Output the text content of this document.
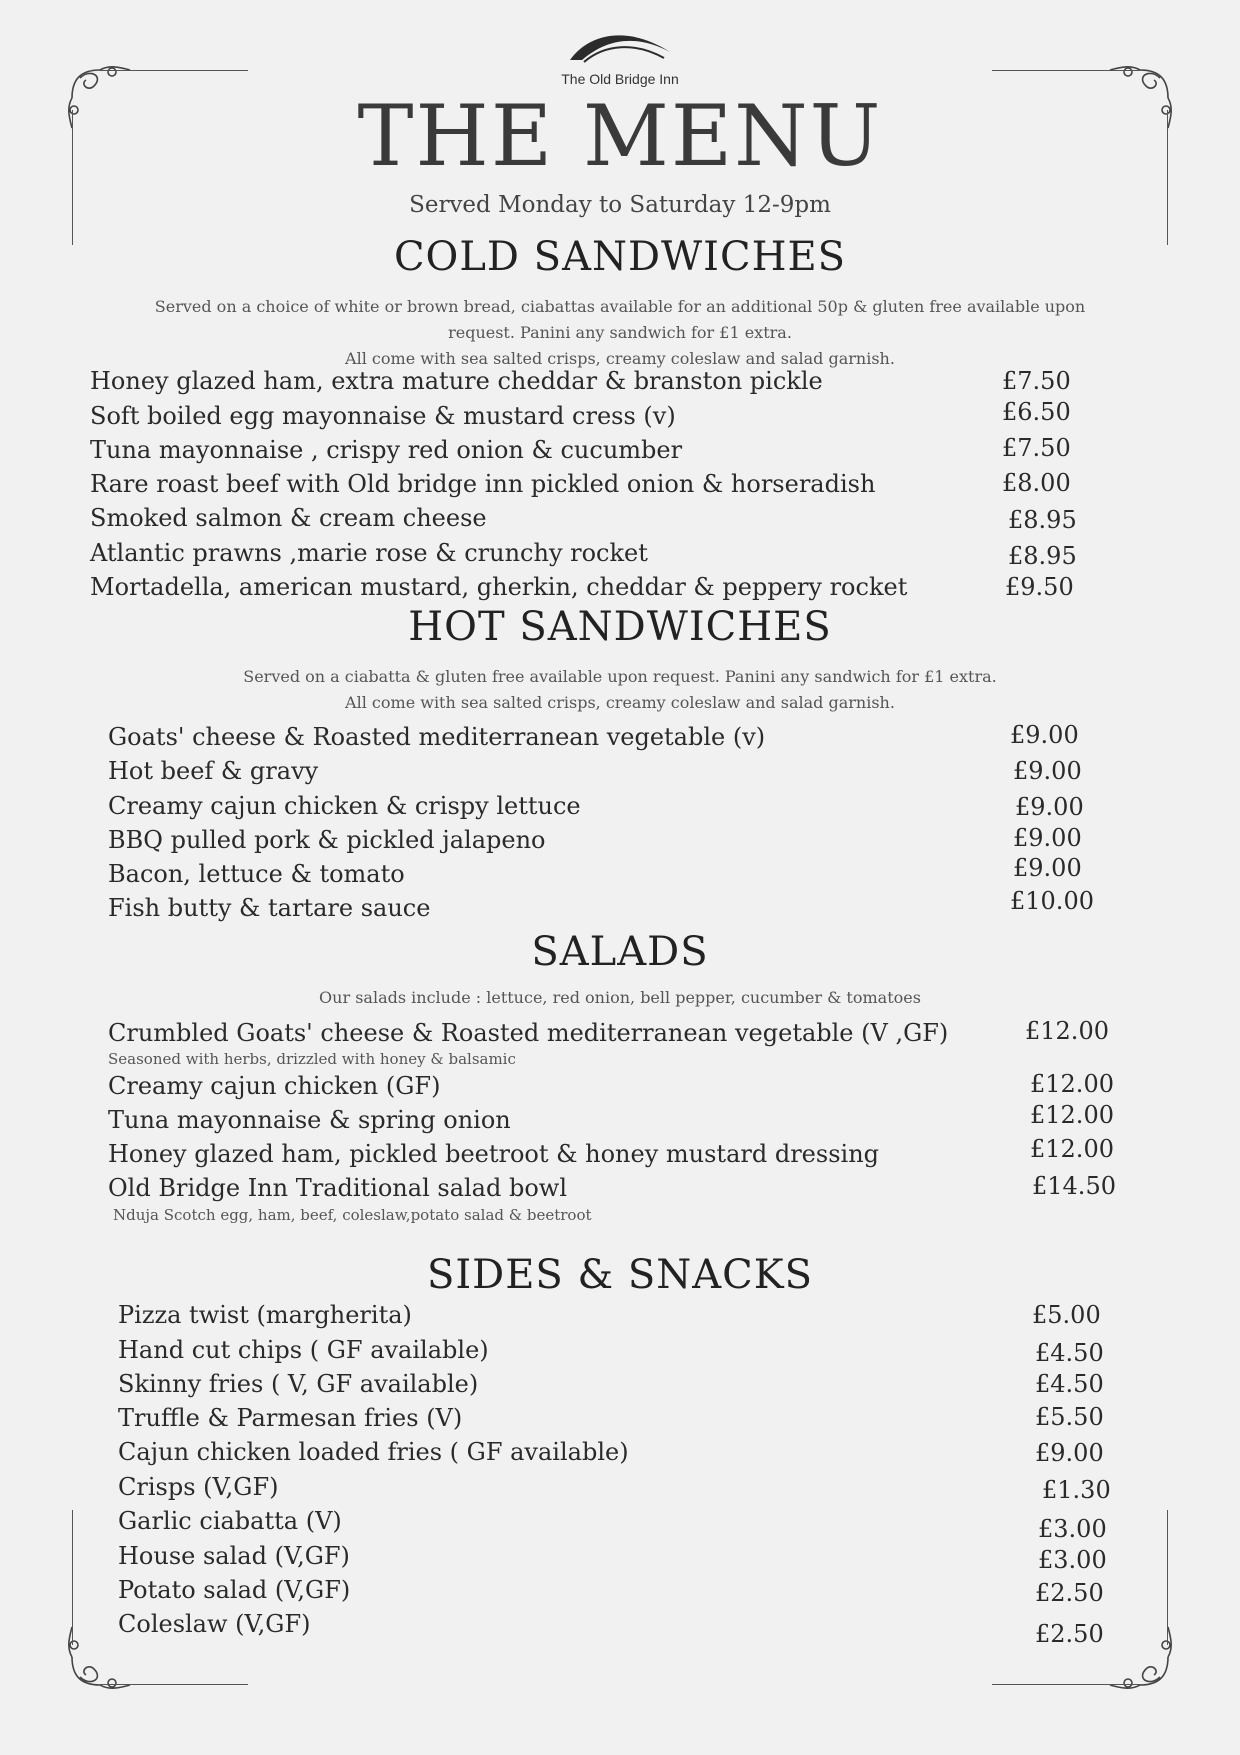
The Old Bridge Inn
THE MENU
Served Monday to Saturday 12-9pm
COLD SANDWICHES
Served on a choice of white or brown bread, ciabattas available for an additional 50p & gluten free available upon
request. Panini any sandwich for £1 extra.
All come with sea salted crisps, creamy coleslaw and salad garnish.
Honey glazed ham, extra mature cheddar & branston pickle	£7.50
Soft boiled egg mayonnaise & mustard cress (v)	£6.50
Tuna mayonnaise , crispy red onion & cucumber	£7.50
Rare roast beef with Old bridge inn pickled onion & horseradish	£8.00
Smoked salmon & cream cheese	£8.95
Atlantic prawns ,marie rose & crunchy rocket	£8.95
Mortadella, american mustard, gherkin, cheddar & peppery rocket	£9.50
HOT SANDWICHES
Served on a ciabatta & gluten free available upon request. Panini any sandwich for £1 extra.
All come with sea salted crisps, creamy coleslaw and salad garnish.
Goats' cheese & Roasted mediterranean vegetable (v)	£9.00
Hot beef & gravy	£9.00
Creamy cajun chicken & crispy lettuce	£9.00
BBQ pulled pork & pickled jalapeno	£9.00
Bacon, lettuce & tomato	£9.00
Fish butty & tartare sauce	£10.00
SALADS
Our salads include : lettuce, red onion, bell pepper, cucumber & tomatoes
Crumbled Goats' cheese & Roasted mediterranean vegetable (V ,GF)	£12.00
Seasoned with herbs, drizzled with honey & balsamic
Creamy cajun chicken (GF)	£12.00
Tuna mayonnaise & spring onion	£12.00
Honey glazed ham, pickled beetroot & honey mustard dressing	£12.00
Old Bridge Inn Traditional salad bowl	£14.50
Nduja Scotch egg, ham, beef, coleslaw,potato salad & beetroot
SIDES & SNACKS
Pizza twist (margherita)	£5.00
Hand cut chips ( GF available)	£4.50
Skinny fries ( V, GF available)	£4.50
Truffle & Parmesan fries (V)	£5.50
Cajun chicken loaded fries ( GF available)	£9.00
Crisps (V,GF)	£1.30
Garlic ciabatta (V)	£3.00
House salad (V,GF)	£3.00
Potato salad (V,GF)	£2.50
Coleslaw (V,GF)	£2.50
